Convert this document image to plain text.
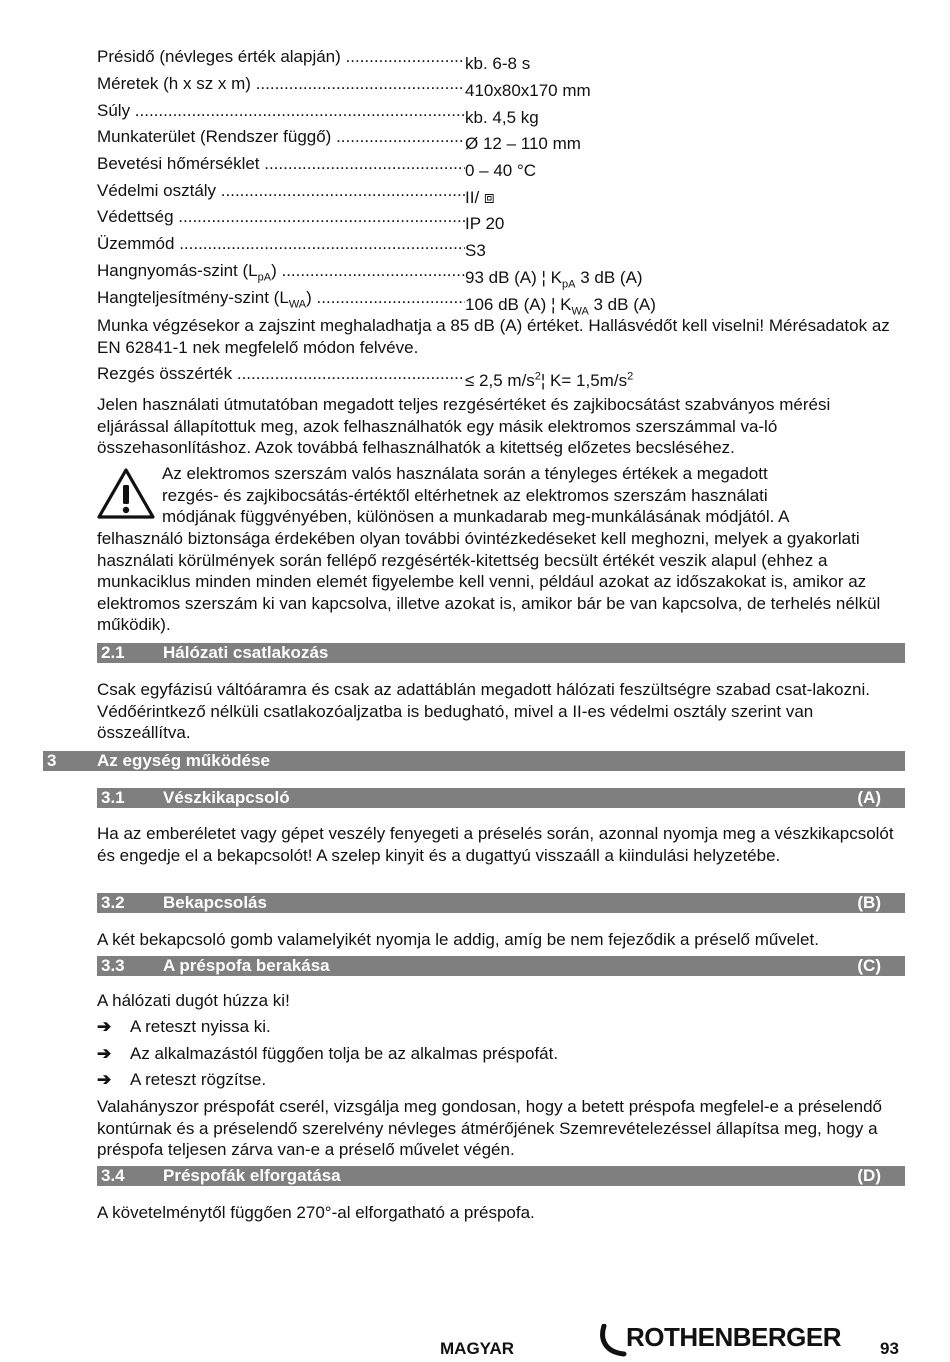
Présidő (névleges érték alapján) .....	kb. 6-8 s
Méretek (h x sz x m) .....	410x80x170 mm
Súly .....	kb. 4,5 kg
Munkaterület (Rendszer függő) .....	Ø 12 – 110 mm
Bevetési hőmérséklet .....	0 – 40 °C
Védelmi osztály .....	II/ ⧈
Védettség .....	IP 20
Üzemmód .....	S3
Hangnyomás-szint $(L_{pA})$ .....	93 dB (A) ¦ $K_{pA}$ 3 dB (A)
Hangteljesítmény-szint $(L_{WA})$ .....	106 dB (A) ¦ $K_{WA}$ 3 dB (A)
Munka végzésekor a zajszint meghaladhatja a 85 dB (A) értéket. Hallásvédőt kell viselni! Mérésadatok az EN 62841-1 nek megfelelő módon felvéve.
Rezgés összérték .....	≤ 2,5 $m/s^2¦$ $K= 1,5m/s^2$
Jelen használati útmutatóban megadott teljes rezgésértéket és zajkibocsátást szabványos mérési eljárással állapítottuk meg, azok felhasználhatók egy másik elektromos szerszámmal va-ló összehasonlításhoz. Azok továbbá felhasználhatók a kitettség előzetes becsléséhez.
Az elektromos szerszám valós használata során a tényleges értékek a megadott
rezgés- és zajkibocsátás-értéktől eltérhetnek az elektromos szerszám használati
módjának függvényében, különösen a munkadarab meg-munkálásának módjától. A
felhasználó biztonsága érdekében olyan további óvintézkedéseket kell meghozni, melyek a gyakorlati használati körülmények során fellépő rezgésérték-kitettség becsült értékét veszik alapul (ehhez a munkaciklus minden minden elemét figyelembe kell venni, például azokat az időszakokat is, amikor az elektromos szerszám ki van kapcsolva, illetve azokat is, amikor bár be van kapcsolva, de terhelés nélkül működik).
2.1 Hálózati csatlakozás
Csak egyfázisú váltóáramra és csak az adattáblán megadott hálózati feszültségre szabad csat-lakozni. Védőérintkező nélküli csatlakozóaljzatba is bedugható, mivel a II-es védelmi osztály szerint van összeállítva.
3 Az egység működése
3.1 Vészkikapcsoló	(A)
Ha az emberéletet vagy gépet veszély fenyegeti a préselés során, azonnal nyomja meg a vészkikapcsolót és engedje el a bekapcsolót! A szelep kinyit és a dugattyú visszaáll a kiindulási helyzetébe.
3.2 Bekapcsolás	(B)
A két bekapcsoló gomb valamelyikét nyomja le addig, amíg be nem fejeződik a préselő művelet.
3.3 A préspofa berakása	(C)
A hálózati dugót húzza ki!
➔ A reteszt nyissa ki.
➔ Az alkalmazástól függően tolja be az alkalmas préspofát.
➔ A reteszt rögzítse.
Valahányszor préspofát cserél, vizsgálja meg gondosan, hogy a betett préspofa megfelel-e a préselendő kontúrnak és a préselendő szerelvény névleges átmérőjének Szemrevételezéssel állapítsa meg, hogy a préspofa teljesen zárva van-e a préselő művelet végén.
3.4 Préspofák elforgatása	(D)
A követelménytől függően 270°-al elforgatható a préspofa.
MAGYAR	ROTHENBERGER 93
